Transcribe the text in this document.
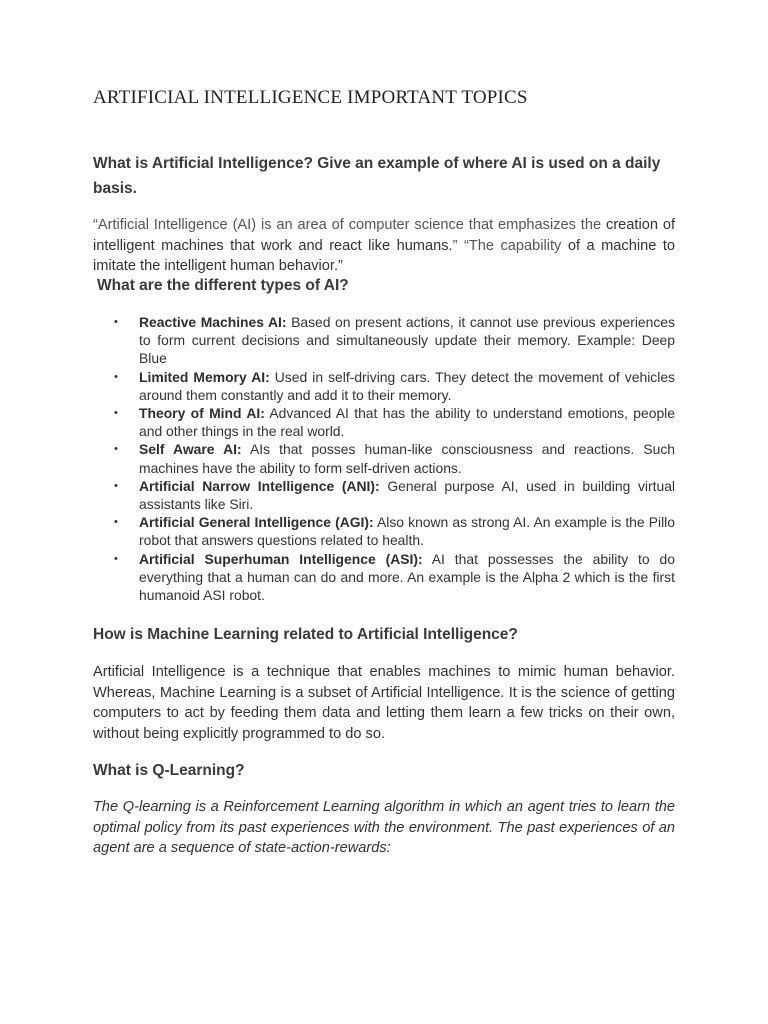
ARTIFICIAL INTELLIGENCE IMPORTANT TOPICS
What is Artificial Intelligence? Give an example of where AI is used on a daily basis.
“Artificial Intelligence (AI) is an area of computer science that emphasizes the creation of intelligent machines that work and react like humans.” “The capability of a machine to imitate the intelligent human behavior.”
What are the different types of AI?
• Reactive Machines AI: Based on present actions, it cannot use previous experiences to form current decisions and simultaneously update their memory. Example: Deep Blue
• Limited Memory AI: Used in self-driving cars. They detect the movement of vehicles around them constantly and add it to their memory.
• Theory of Mind AI: Advanced AI that has the ability to understand emotions, people and other things in the real world.
• Self Aware AI: AIs that posses human-like consciousness and reactions. Such machines have the ability to form self-driven actions.
• Artificial Narrow Intelligence (ANI): General purpose AI, used in building virtual assistants like Siri.
• Artificial General Intelligence (AGI): Also known as strong AI. An example is the Pillo robot that answers questions related to health.
• Artificial Superhuman Intelligence (ASI): AI that possesses the ability to do everything that a human can do and more. An example is the Alpha 2 which is the first humanoid ASI robot.
How is Machine Learning related to Artificial Intelligence?
Artificial Intelligence is a technique that enables machines to mimic human behavior. Whereas, Machine Learning is a subset of Artificial Intelligence. It is the science of getting computers to act by feeding them data and letting them learn a few tricks on their own, without being explicitly programmed to do so.
What is Q-Learning?
The Q-learning is a Reinforcement Learning algorithm in which an agent tries to learn the optimal policy from its past experiences with the environment. The past experiences of an agent are a sequence of state-action-rewards:
